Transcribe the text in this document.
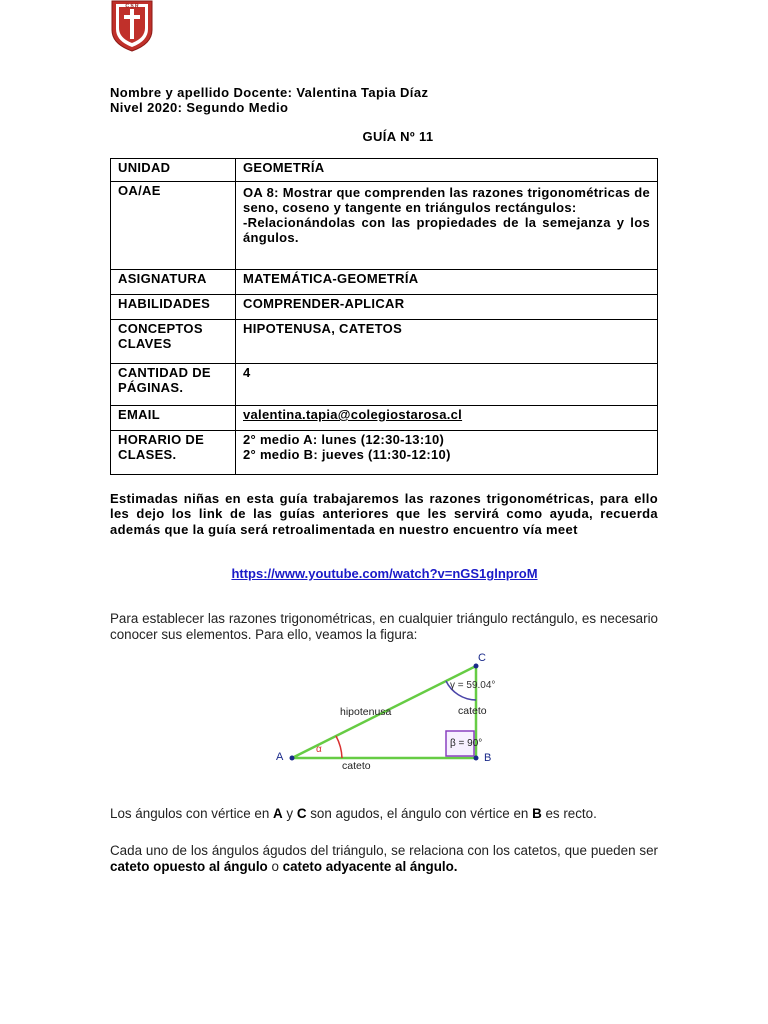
C S R
Nombre y apellido Docente: Valentina Tapia Díaz
Nivel 2020: Segundo Medio
GUÍA Nº 11
UNIDAD	GEOMETRÍA
OA/AE	OA 8: Mostrar que comprenden las razones trigonométricas de seno, coseno y tangente en triángulos rectángulos:
-Relacionándolas con las propiedades de la semejanza y los ángulos.

ASIGNATURA	MATEMÁTICA-GEOMETRÍA
HABILIDADES	COMPRENDER-APLICAR
CONCEPTOS CLAVES	HIPOTENUSA, CATETOS
CANTIDAD DE PÁGINAS.	4
EMAIL	valentina.tapia@colegiostarosa.cl
HORARIO DE CLASES.	2° medio A: lunes (12:30-13:10)
2° medio B: jueves (11:30-12:10)

Estimadas niñas en esta guía trabajaremos las razones trigonométricas, para ello les dejo los link de las guías anteriores que les servirá como ayuda, recuerda además que la guía será retroalimentada en nuestro encuentro vía meet

https://www.youtube.com/watch?v=nGS1glnproM

Para establecer las razones trigonométricas, en cualquier triángulo rectángulo, es necesario conocer sus elementos. Para ello, veamos la figura:

α
γ = 59.04°
β = 90°
A	B
C
hipotenusa
cateto
cateto

Los ángulos con vértice en A y C son agudos, el ángulo con vértice en B es recto.

Cada uno de los ángulos águdos del triángulo, se relaciona con los catetos, que pueden ser cateto opuesto al ángulo o cateto adyacente al ángulo.
